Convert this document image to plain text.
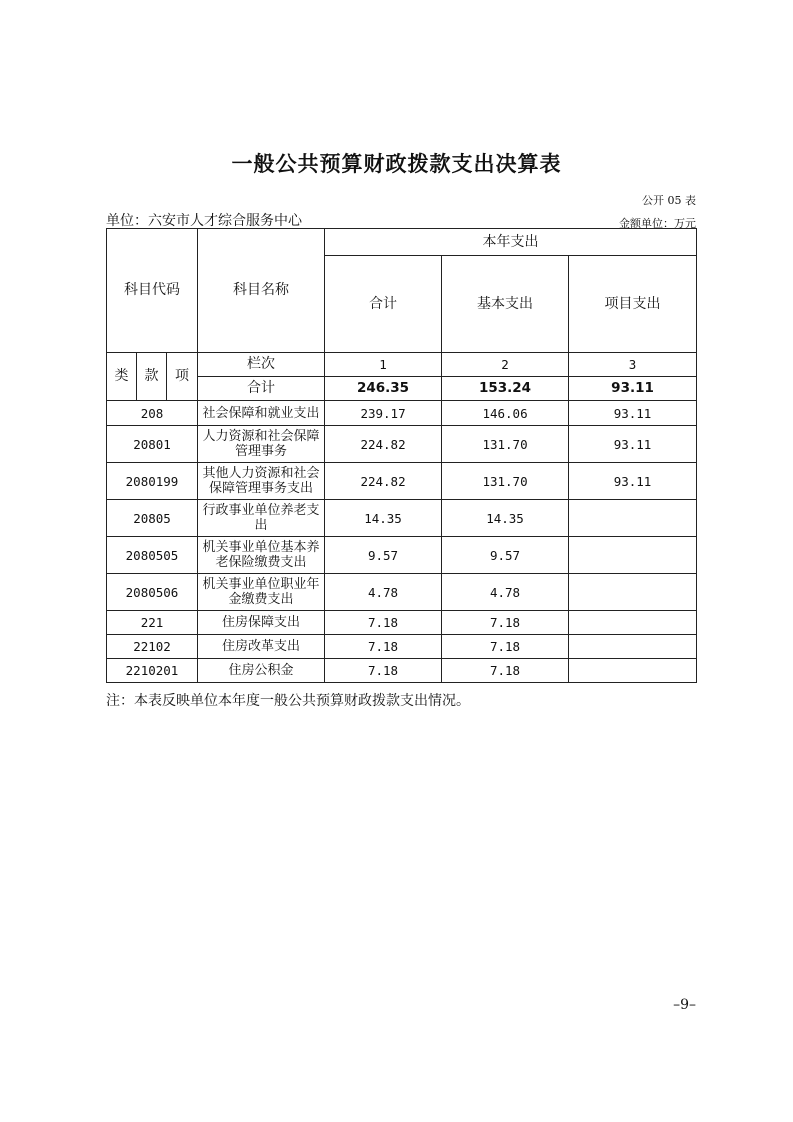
一般公共预算财政拨款支出决算表
公开 05 表
单位：六安市人才综合服务中心	金额单位：万元
科目代码			科目名称	本年支出		
				合计	基本支出	项目支出
类	款	项	栏次	1	2	3
			合计	246.35	153.24	93.11
208			社会保障和就业支出	239.17	146.06	93.11
20801			人力资源和社会保障管理事务	224.82	131.70	93.11
2080199			其他人力资源和社会保障管理事务支出	224.82	131.70	93.11
20805			行政事业单位养老支出	14.35	14.35	
2080505			机关事业单位基本养老保险缴费支出	9.57	9.57	
2080506			机关事业单位职业年金缴费支出	4.78	4.78	
221			住房保障支出	7.18	7.18	
22102			住房改革支出	7.18	7.18	
2210201			住房公积金	7.18	7.18	
注：本表反映单位本年度一般公共预算财政拨款支出情况。
–9–
